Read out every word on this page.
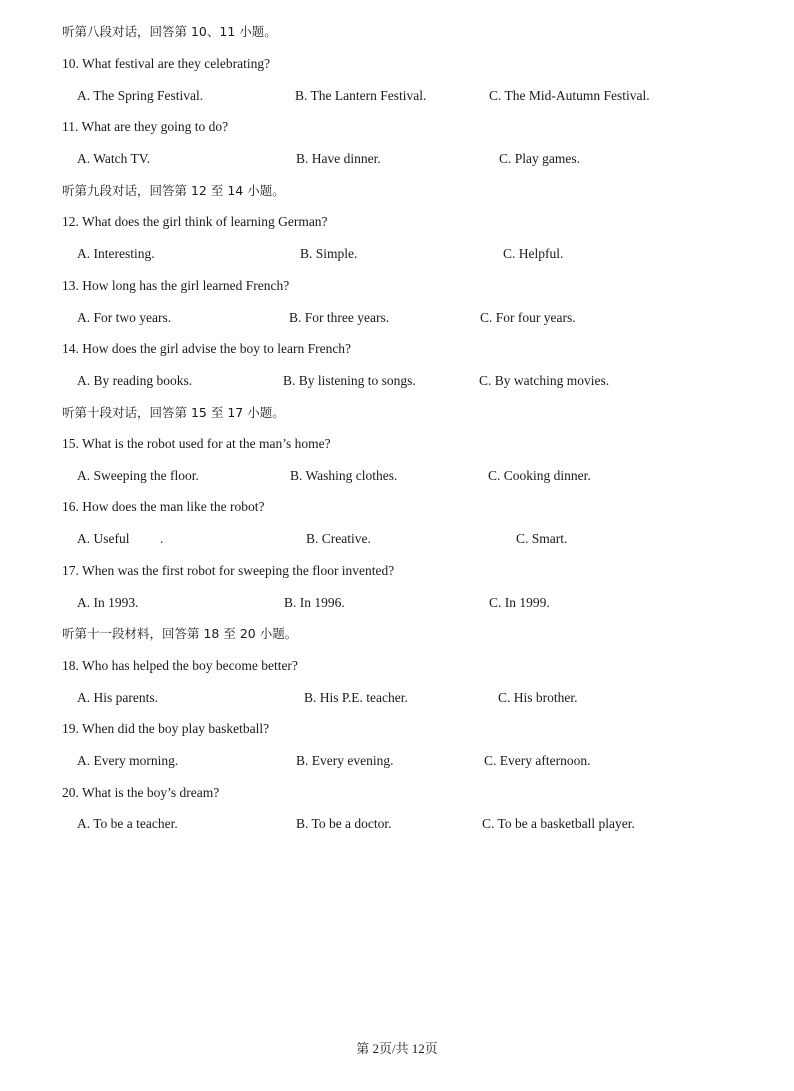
听第八段对话，回答第 10、11 小题。
10. What festival are they celebrating?
A. The Spring Festival.	B. The Lantern Festival.	C. The Mid-Autumn Festival.
11. What are they going to do?
A. Watch TV.	B. Have dinner.	C. Play games.
听第九段对话，回答第 12 至 14 小题。
12. What does the girl think of learning German?
A. Interesting.	B. Simple.	C. Helpful.
13. How long has the girl learned French?
A. For two years.	B. For three years.	C. For four years.
14. How does the girl advise the boy to learn French?
A. By reading books.	B. By listening to songs.	C. By watching movies.
听第十段对话，回答第 15 至 17 小题。
15. What is the robot used for at the man’s home?
A. Sweeping the floor.	B. Washing clothes.	C. Cooking dinner.
16. How does the man like the robot?
A. Useful .	B. Creative.	C. Smart.
17. When was the first robot for sweeping the floor invented?
A. In 1993.	B. In 1996.	C. In 1999.
听第十一段材料，回答第 18 至 20 小题。
18. Who has helped the boy become better?
A. His parents.	B. His P.E. teacher.	C. His brother.
19. When did the boy play basketball?
A. Every morning.	B. Every evening.	C. Every afternoon.
20. What is the boy’s dream?
A. To be a teacher.	B. To be a doctor.	C. To be a basketball player.
第 2页/共 12页
